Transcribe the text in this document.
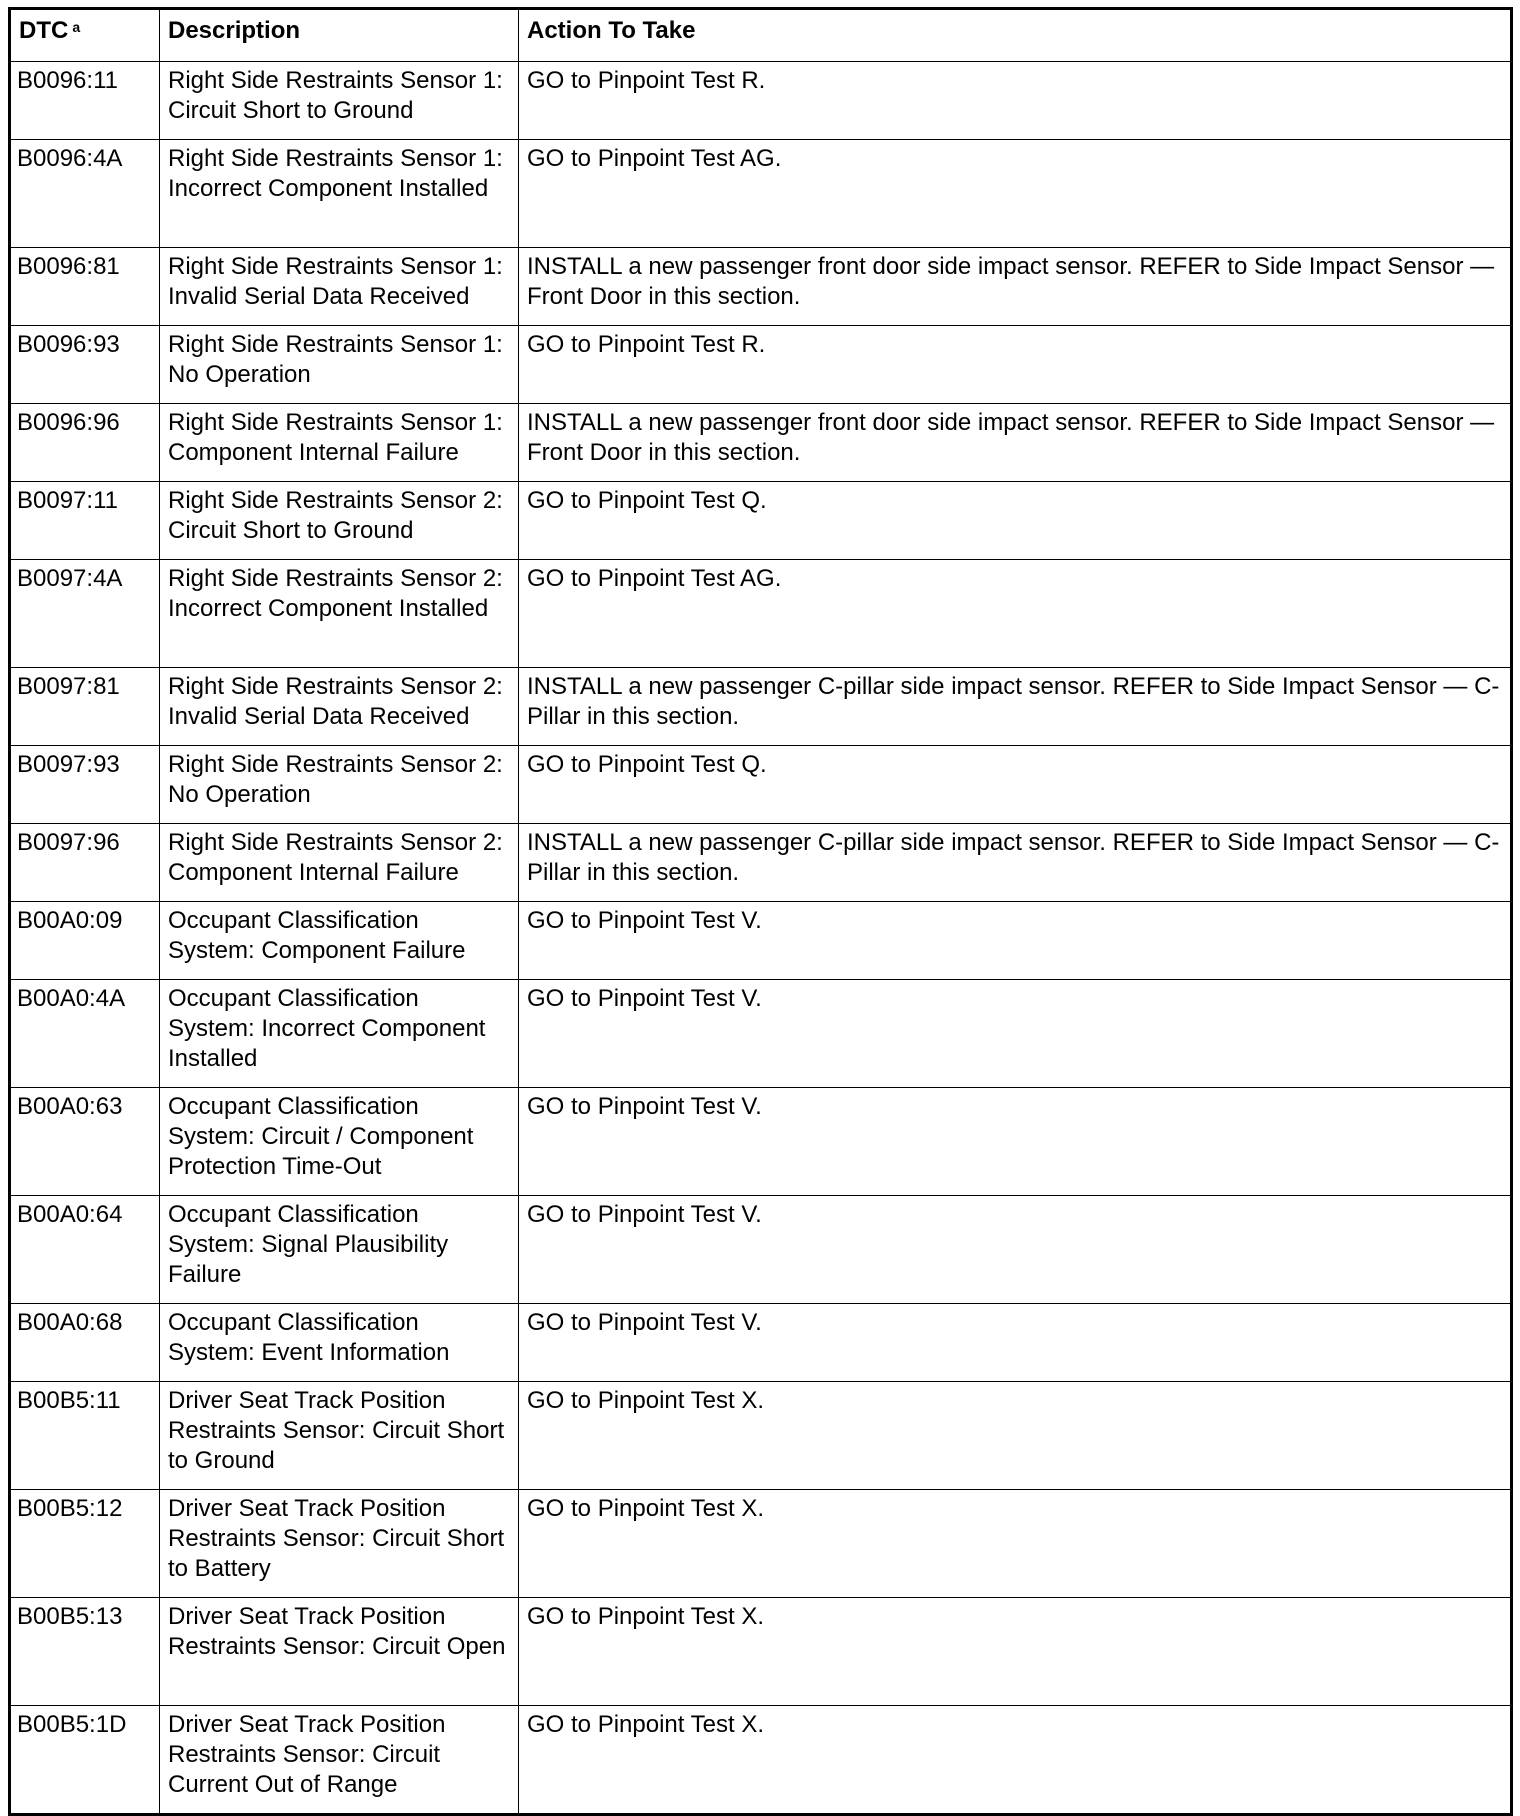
DTC $^a$	Description	Action To Take
B0096:11	Right Side Restraints Sensor 1: Circuit Short to Ground	GO to Pinpoint Test R.
B0096:4A	Right Side Restraints Sensor 1: Incorrect Component Installed	GO to Pinpoint Test AG.
B0096:81	Right Side Restraints Sensor 1: Invalid Serial Data Received	INSTALL a new passenger front door side impact sensor. REFER to Side Impact Sensor — Front Door in this section.
B0096:93	Right Side Restraints Sensor 1: No Operation	GO to Pinpoint Test R.
B0096:96	Right Side Restraints Sensor 1: Component Internal Failure	INSTALL a new passenger front door side impact sensor. REFER to Side Impact Sensor — Front Door in this section.
B0097:11	Right Side Restraints Sensor 2: Circuit Short to Ground	GO to Pinpoint Test Q.
B0097:4A	Right Side Restraints Sensor 2: Incorrect Component Installed	GO to Pinpoint Test AG.
B0097:81	Right Side Restraints Sensor 2: Invalid Serial Data Received	INSTALL a new passenger C-pillar side impact sensor. REFER to Side Impact Sensor — C-Pillar in this section.
B0097:93	Right Side Restraints Sensor 2: No Operation	GO to Pinpoint Test Q.
B0097:96	Right Side Restraints Sensor 2: Component Internal Failure	INSTALL a new passenger C-pillar side impact sensor. REFER to Side Impact Sensor — C-Pillar in this section.
B00A0:09	Occupant Classification System: Component Failure	GO to Pinpoint Test V.
B00A0:4A	Occupant Classification System: Incorrect Component Installed	GO to Pinpoint Test V.
B00A0:63	Occupant Classification System: Circuit / Component Protection Time-Out	GO to Pinpoint Test V.
B00A0:64	Occupant Classification System: Signal Plausibility Failure	GO to Pinpoint Test V.
B00A0:68	Occupant Classification System: Event Information	GO to Pinpoint Test V.
B00B5:11	Driver Seat Track Position Restraints Sensor: Circuit Short to Ground	GO to Pinpoint Test X.
B00B5:12	Driver Seat Track Position Restraints Sensor: Circuit Short to Battery	GO to Pinpoint Test X.
B00B5:13	Driver Seat Track Position Restraints Sensor: Circuit Open	GO to Pinpoint Test X.
B00B5:1D	Driver Seat Track Position Restraints Sensor: Circuit Current Out of Range	GO to Pinpoint Test X.
